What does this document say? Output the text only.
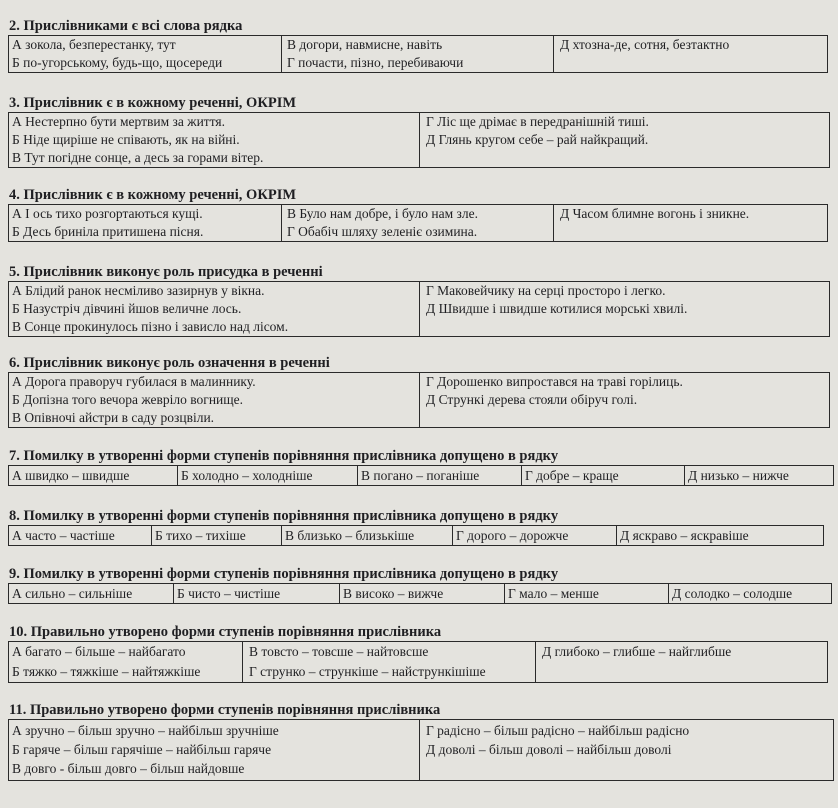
2. Прислівниками є всі слова рядка
А зокола, безперестанку, тут
Б по-угорському, будь-що, щосереди
В догори, навмисне, навіть
Г почасти, пізно, перебиваючи
Д хтозна-де, сотня, безтактно
3. Прислівник є в кожному реченні, ОКРІМ
А Нестерпно бути мертвим за життя.
Б Ніде щиріше не співають, як на війні.
В Тут погідне сонце, а десь за горами вітер.
Г Ліс ще дрімає в передранішній тиші.
Д Глянь кругом себе – рай найкращий.
4. Прислівник є в кожному реченні, ОКРІМ
А І ось тихо розгортаються кущі.
Б Десь бриніла притишена пісня.
В Було нам добре, і було нам зле.
Г Обабіч шляху зеленіє озимина.
Д Часом блимне вогонь і зникне.
5. Прислівник виконує роль присудка в реченні
А Блідий ранок несміливо зазирнув у вікна.
Б Назустріч дівчині йшов величне лось.
В Сонце прокинулось пізно і зависло над лісом.
Г Маковейчику на серці просторо і легко.
Д Швидше і швидше котилися морські хвилі.
6. Прислівник виконує роль означення в реченні
А Дорога праворуч губилася в малиннику.
Б Допізна того вечора жевріло вогнище.
В Опівночі айстри в саду розцвіли.
Г Дорошенко випростався на траві горілиць.
Д Стрункі дерева стояли обіруч голі.
7. Помилку в утворенні форми ступенів порівняння прислівника допущено в рядку
А швидко – швидше	Б холодно – холодніше	В погано – поганіше	Г добре – краще	Д низько – нижче
8. Помилку в утворенні форми ступенів порівняння прислівника допущено в рядку
А часто – частіше	Б тихо – тихіше	В близько – близькіше	Г дорого – дорожче	Д яскраво – яскравіше
9. Помилку в утворенні форми ступенів порівняння прислівника допущено в рядку
А сильно – сильніше	Б чисто – чистіше	В високо – вижче	Г мало – менше	Д солодко – солодше
10. Правильно утворено форми ступенів порівняння прислівника
А багато – більше – найбагато
Б тяжко – тяжкіше – найтяжкіше
В товсто – товсше – найтовсше
Г струнко – стрункіше – найстрункішіше
Д глибоко – глибше – найглибше
11. Правильно утворено форми ступенів порівняння прислівника
А зручно – більш зручно – найбільш зручніше
Б гаряче – більш гарячіше – найбільш гаряче
В довго - більш довго – більш найдовше
Г радісно – більш радісно – найбільш радісно
Д доволі – більш доволі – найбільш доволі
